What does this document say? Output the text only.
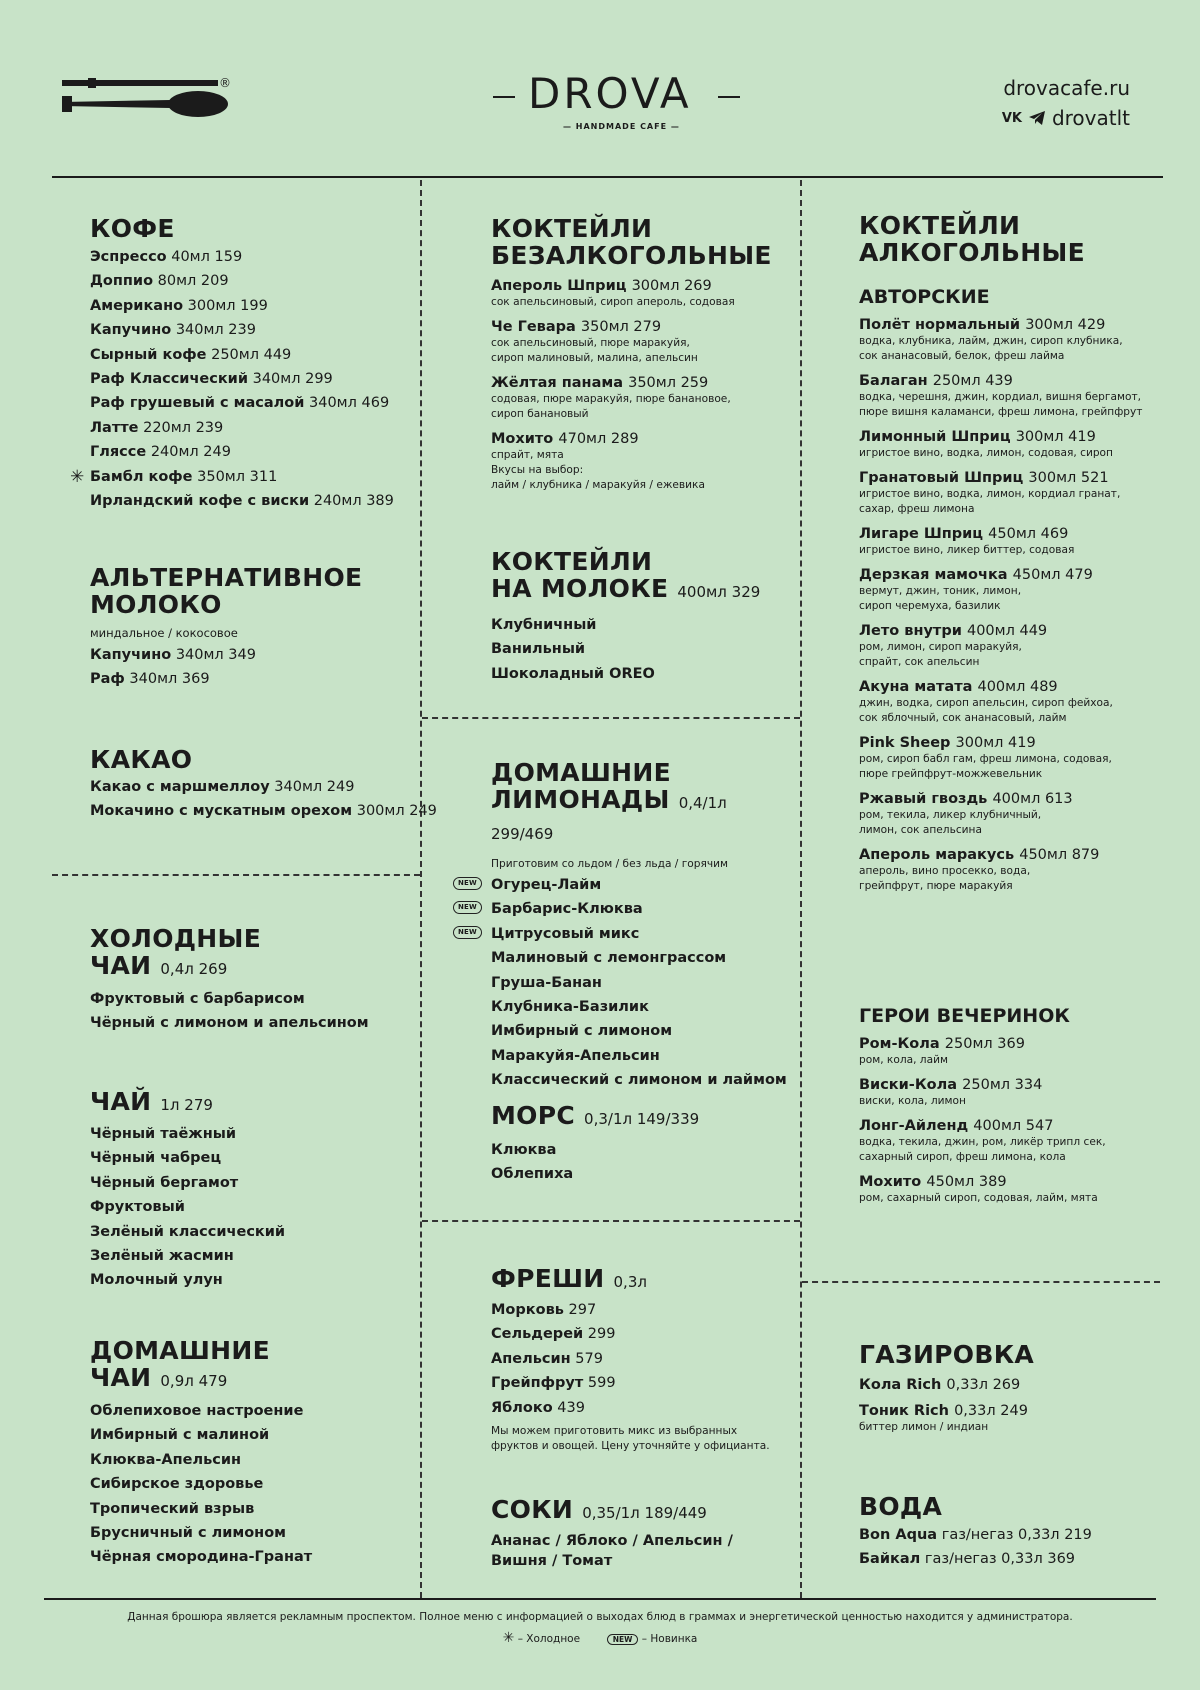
®	DROVA
— HANDMADE CAFE —
drovacafe.ru
VK drovatlt
КОФЕ
Эспрессо 40мл 159
Доппио 80мл 209
Американо 300мл 199
Капучино 340мл 239
Сырный кофе 250мл 449
Раф Классический 340мл 299
Раф грушевый с масалой 340мл 469
Латте 220мл 239
Гляссе 240мл 249
✳ Бамбл кофе 350мл 311
Ирландский кофе с виски 240мл 389
АЛЬТЕРНАТИВНОЕ
МОЛОКО
миндальное / кокосовое
Капучино 340мл 349
Раф 340мл 369
КАКАО
Какао с маршмеллоу 340мл 249
Мокачино с мускатным орехом 300мл 249
ХОЛОДНЫЕ
ЧАИ 0,4л 269
Фруктовый с барбарисом
Чёрный с лимоном и апельсином
ЧАЙ 1л 279
Чёрный таёжный
Чёрный чабрец
Чёрный бергамот
Фруктовый
Зелёный классический
Зелёный жасмин
Молочный улун
ДОМАШНИЕ
ЧАИ 0,9л 479
Облепиховое настроение
Имбирный с малиной
Клюква-Апельсин
Сибирское здоровье
Тропический взрыв
Брусничный с лимоном
Чёрная смородина-Гранат
КОКТЕЙЛИ
БЕЗАЛКОГОЛЬНЫЕ
Апероль Шприц 300мл 269
сок апельсиновый, сироп апероль, содовая
Че Гевара 350мл 279
сок апельсиновый, пюре маракуйя,
сироп малиновый, малина, апельсин
Жёлтая панама 350мл 259
содовая, пюре маракуйя, пюре банановое,
сироп банановый
Мохито 470мл 289
спрайт, мята
Вкусы на выбор:
лайм / клубника / маракуйя / ежевика
КОКТЕЙЛИ
НА МОЛОКЕ 400мл 329
Клубничный
Ванильный
Шоколадный OREO
ДОМАШНИЕ
ЛИМОНАДЫ 0,4/1л 299/469
Приготовим со льдом / без льда / горячим
NEW Огурец-Лайм
NEW Барбарис-Клюква
NEW Цитрусовый микс
Малиновый с лемонграссом
Груша-Банан
Клубника-Базилик
Имбирный с лимоном
Маракуйя-Апельсин
Классический с лимоном и лаймом
МОРС 0,3/1л 149/339
Клюква
Облепиха
ФРЕШИ 0,3л
Морковь 297
Сельдерей 299
Апельсин 579
Грейпфрут 599
Яблоко 439
Мы можем приготовить микс из выбранных
фруктов и овощей. Цену уточняйте у официанта.
СОКИ 0,35/1л 189/449
Ананас / Яблоко / Апельсин /
Вишня / Томат
КОКТЕЙЛИ
АЛКОГОЛЬНЫЕ
АВТОРСКИЕ
Полёт нормальный 300мл 429
водка, клубника, лайм, джин, сироп клубника,
сок ананасовый, белок, фреш лайма
Балаган 250мл 439
водка, черешня, джин, кордиал, вишня бергамот,
пюре вишня каламанси, фреш лимона, грейпфрут
Лимонный Шприц 300мл 419
игристое вино, водка, лимон, содовая, сироп
Гранатовый Шприц 300мл 521
игристое вино, водка, лимон, кордиал гранат,
сахар, фреш лимона
Лигаре Шприц 450мл 469
игристое вино, ликер биттер, содовая
Дерзкая мамочка 450мл 479
вермут, джин, тоник, лимон,
сироп черемуха, базилик
Лето внутри 400мл 449
ром, лимон, сироп маракуйя,
спрайт, сок апельсин
Акуна матата 400мл 489
джин, водка, сироп апельсин, сироп фейхоа,
сок яблочный, сок ананасовый, лайм
Pink Sheep 300мл 419
ром, сироп бабл гам, фреш лимона, содовая,
пюре грейпфрут-можжевельник
Ржавый гвоздь 400мл 613
ром, текила, ликер клубничный,
лимон, сок апельсина
Апероль маракусь 450мл 879
апероль, вино просекко, вода,
грейпфрут, пюре маракуйя
ГЕРОИ ВЕЧЕРИНОК
Ром-Кола 250мл 369
ром, кола, лайм
Виски-Кола 250мл 334
виски, кола, лимон
Лонг-Айленд 400мл 547
водка, текила, джин, ром, ликёр трипл сек,
сахарный сироп, фреш лимона, кола
Мохито 450мл 389
ром, сахарный сироп, содовая, лайм, мята
ГАЗИРОВКА
Кола Rich 0,33л 269
Тоник Rich 0,33л 249
биттер лимон / индиан
ВОДА
Bon Aqua газ/негаз 0,33л 219
Байкал газ/негаз 0,33л 369
Данная брошюра является рекламным проспектом. Полное меню с информацией о выходах блюд в граммах и энергетической ценностью находится у администратора.
✳ – Холодное	NEW – Новинка
